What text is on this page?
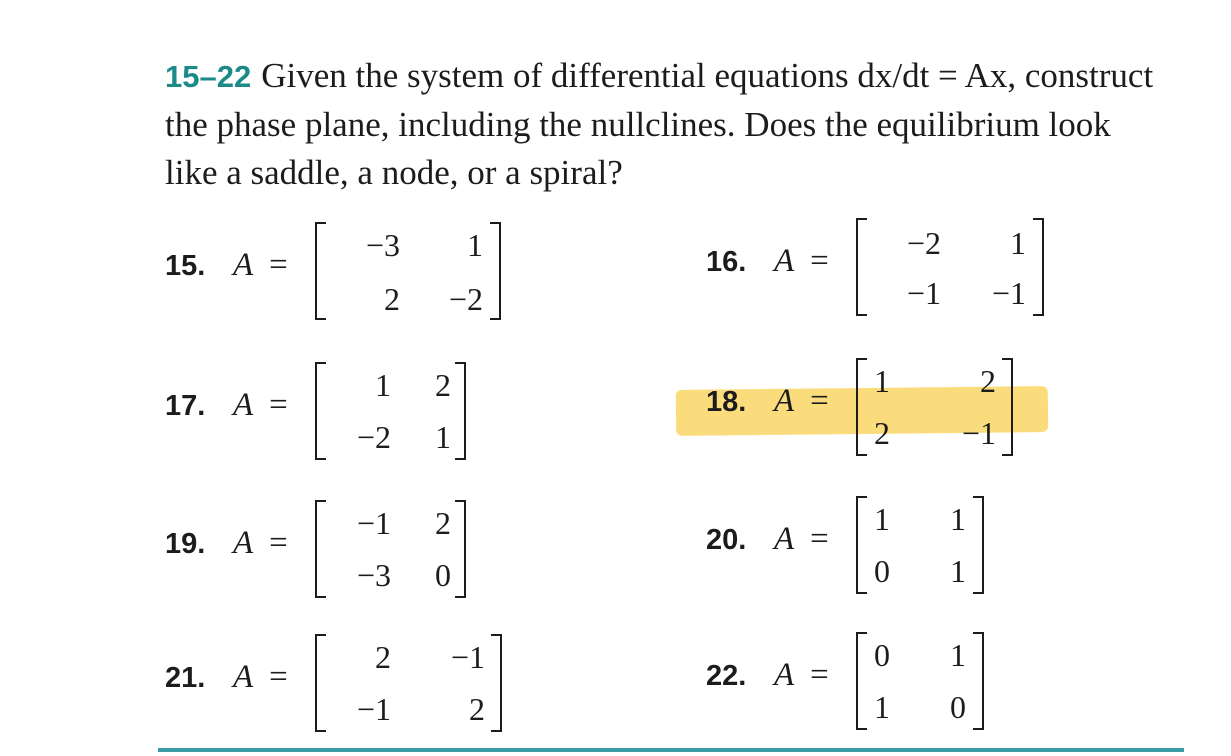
15–22 Given the system of differential equations dx/dt = Ax, construct the phase plane, including the nullclines. Does the equilibrium look like a saddle, a node, or a spiral?
15. A =
−3	1
2	−2
16. A =	−2	1
−1	−1
17. A =
1	2
−2	1
18. A =
1	2
2	−1
19. A =
−1	2
−3	0
20. A =
1	1
0	1
21. A =
2	−1
−1	2
22. A =
0	1
1	0
